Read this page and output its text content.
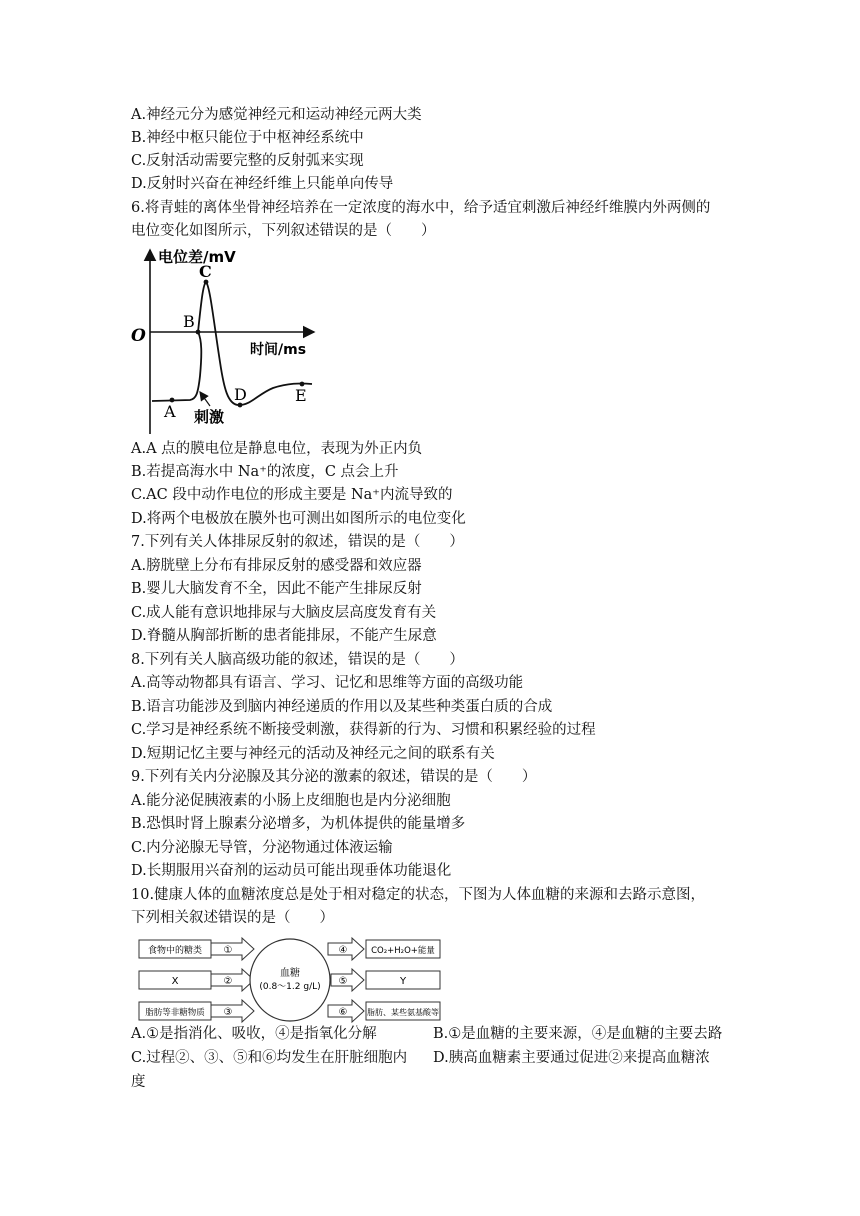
A.神经元分为感觉神经元和运动神经元两大类
B.神经中枢只能位于中枢神经系统中
C.反射活动需要完整的反射弧来实现
D.反射时兴奋在神经纤维上只能单向传导
6.将青蛙的离体坐骨神经培养在一定浓度的海水中，给予适宜刺激后神经纤维膜内外两侧的
电位变化如图所示，下列叙述错误的是（　　）
电位差/mV
时间/ms
O
A
B
C
D	E
刺激
A.A 点的膜电位是静息电位，表现为外正内负
B.若提高海水中 Na⁺的浓度，C 点会上升
C.AC 段中动作电位的形成主要是 Na⁺内流导致的
D.将两个电极放在膜外也可测出如图所示的电位变化
7.下列有关人体排尿反射的叙述，错误的是（　　）
A.膀胱壁上分布有排尿反射的感受器和效应器
B.婴儿大脑发育不全，因此不能产生排尿反射
C.成人能有意识地排尿与大脑皮层高度发育有关
D.脊髓从胸部折断的患者能排尿，不能产生尿意
8.下列有关人脑高级功能的叙述，错误的是（　　）
A.高等动物都具有语言、学习、记忆和思维等方面的高级功能
B.语言功能涉及到脑内神经递质的作用以及某些种类蛋白质的合成
C.学习是神经系统不断接受刺激，获得新的行为、习惯和积累经验的过程
D.短期记忆主要与神经元的活动及神经元之间的联系有关
9.下列有关内分泌腺及其分泌的激素的叙述，错误的是（　　）
A.能分泌促胰液素的小肠上皮细胞也是内分泌细胞
B.恐惧时肾上腺素分泌增多，为机体提供的能量增多
C.内分泌腺无导管，分泌物通过体液运输
D.长期服用兴奋剂的运动员可能出现垂体功能退化
10.健康人体的血糖浓度总是处于相对稳定的状态，下图为人体血糖的来源和去路示意图，
下列相关叙述错误的是（　　）
食物中的糖类
X
脂肪等非糖物质
①
②
③
血糖
(0.8～1.2 g/L)
④
⑤
⑥
CO₂+H₂O+能量
Y
脂肪、某些氨基酸等
A.①是指消化、吸收，④是指氧化分解	B.①是血糖的主要来源，④是血糖的主要去路
C.过程②、③、⑤和⑥均发生在肝脏细胞内 D.胰高血糖素主要通过促进②来提高血糖浓
度
